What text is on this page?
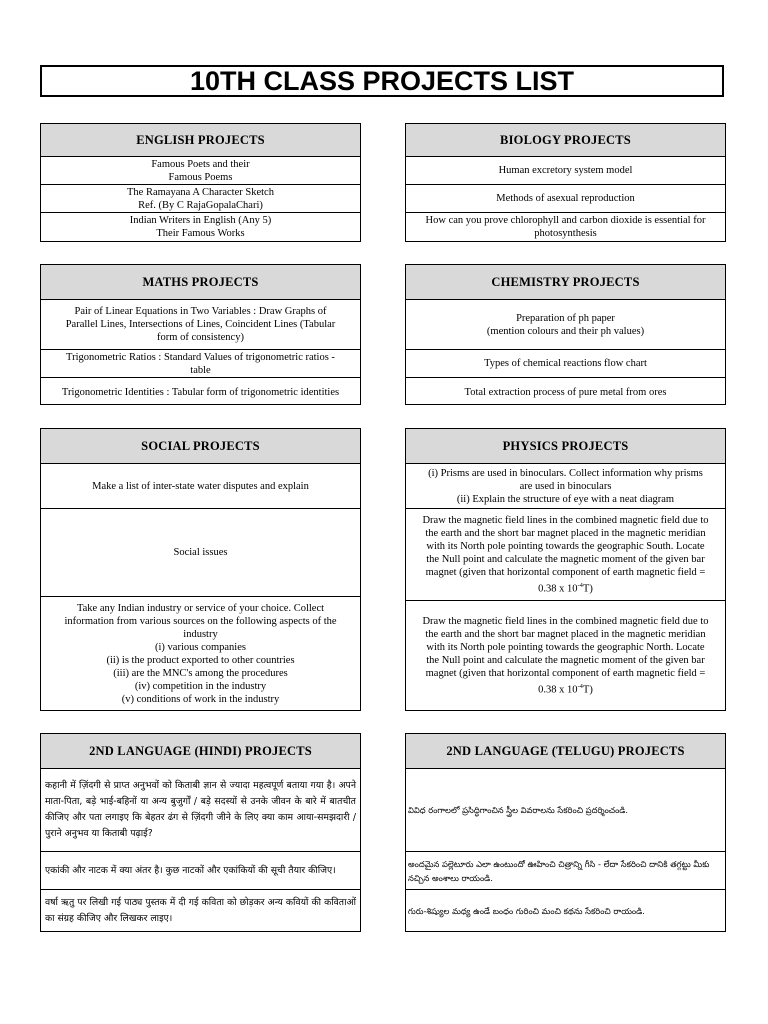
10TH CLASS PROJECTS LIST
ENGLISH PROJECTS
Famous Poets and their
Famous Poems
The Ramayana A Character Sketch
Ref. (By C RajaGopalaChari)
Indian Writers in English (Any 5)
Their Famous Works
BIOLOGY PROJECTS
Human excretory system model
Methods of asexual reproduction
How can you prove chlorophyll and carbon dioxide is essential for
photosynthesis
MATHS PROJECTS
Pair of Linear Equations in Two Variables : Draw Graphs of
Parallel Lines, Intersections of Lines, Coincident Lines (Tabular
form of consistency)
Trigonometric Ratios : Standard Values of trigonometric ratios -
table
Trigonometric Identities : Tabular form of trigonometric identities
CHEMISTRY PROJECTS
Preparation of ph paper
(mention colours and their ph values)
Types of chemical reactions flow chart
Total extraction process of pure metal from ores
SOCIAL PROJECTS
Make a list of inter-state water disputes and explain
Social issues
Take any Indian industry or service of your choice. Collect
information from various sources on the following aspects of the
industry
(i) various companies
(ii) is the product exported to other countries
(iii) are the MNC's among the procedures
(iv) competition in the industry
(v) conditions of work in the industry
PHYSICS PROJECTS
(i) Prisms are used in binoculars. Collect information why prisms
are used in binoculars
(ii) Explain the structure of eye with a neat diagram
Draw the magnetic field lines in the combined magnetic field due to
the earth and the short bar magnet placed in the magnetic meridian
with its North pole pointing towards the geographic South. Locate
the Null point and calculate the magnetic moment of the given bar
magnet (given that horizontal component of earth magnetic field =
0.38 x $10^{-4}T$)
Draw the magnetic field lines in the combined magnetic field due to
the earth and the short bar magnet placed in the magnetic meridian
with its North pole pointing towards the geographic North. Locate
the Null point and calculate the magnetic moment of the given bar
magnet (given that horizontal component of earth magnetic field =
0.38 x $10^{-4}T$)
2ND LANGUAGE (HINDI) PROJECTS
कहानी में ज़िंदगी से प्राप्त अनुभवों को किताबी ज्ञान से ज्यादा महत्वपूर्ण बताया गया है। अपने माता-पिता, बड़े भाई-बहिनों या अन्य बुजुर्गों / बड़े सदस्यों से उनके जीवन के बारे में बातचीत कीजिए और पता लगाइए कि बेहतर ढंग से ज़िंदगी जीने के लिए क्या काम आया-समझदारी / पुराने अनुभव या किताबी पढ़ाई?
एकांकी और नाटक में क्या अंतर है। कुछ नाटकों और एकांकियों की सूची तैयार कीजिए।
वर्षा ऋतु पर लिखी गई पाठ्य पुस्तक में दी गई कविता को छोड़कर अन्य कवियों की कविताओं का संग्रह कीजिए और लिखकर लाइए।
2ND LANGUAGE (TELUGU) PROJECTS
వివిధ రంగాలలో ప్రసిద్ధిగాంచిన స్త్రీల వివరాలను సేకరించి ప్రదర్శించండి.
అందమైన పల్లెటూరు ఎలా ఉంటుందో ఊహించి చిత్రాన్ని గీసి - లేదా సేకరించి దానికి తగ్గట్టు మీకు నచ్చిన అంశాలు రాయండి.
గురు-శిష్యుల మధ్య ఉండే బంధం గురించి మంచి కథను సేకరించి రాయండి.
